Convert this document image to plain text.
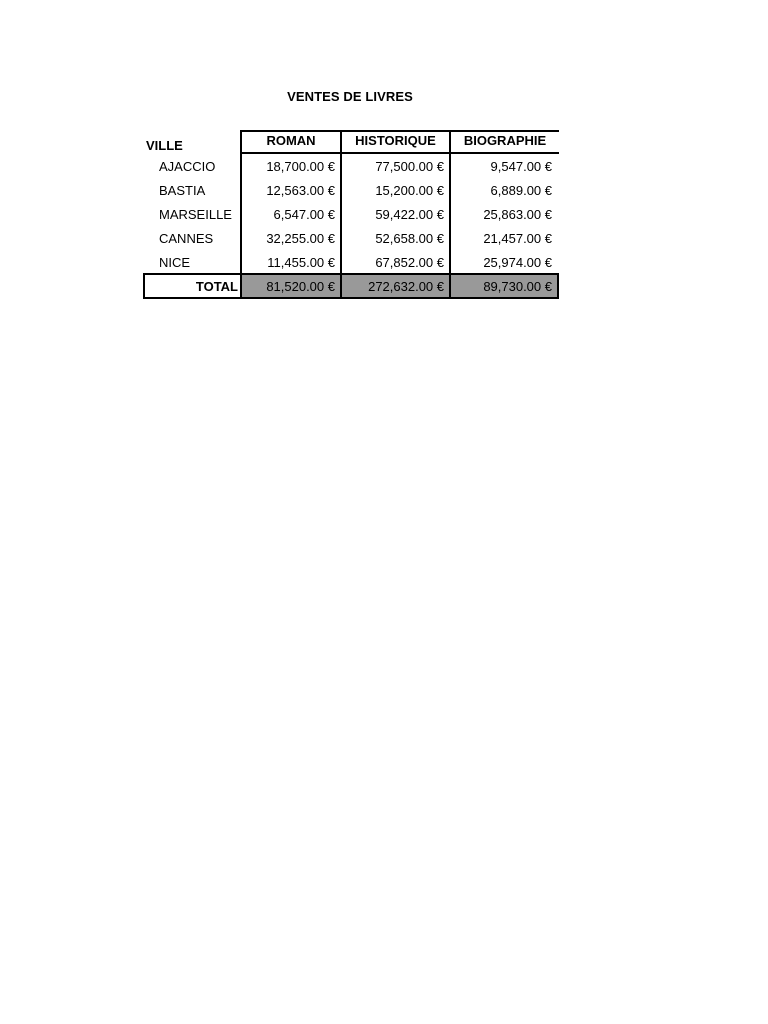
VENTES DE LIVRES
VILLE	ROMAN	HISTORIQUE	BIOGRAPHIE
AJACCIO	18,700.00 €	77,500.00 €	9,547.00 €
BASTIA	12,563.00 €	15,200.00 €	6,889.00 €
MARSEILLE	6,547.00 €	59,422.00 €	25,863.00 €
CANNES	32,255.00 €	52,658.00 €	21,457.00 €
NICE	11,455.00 €	67,852.00 €	25,974.00 €
TOTAL	81,520.00 €	272,632.00 €	89,730.00 €
